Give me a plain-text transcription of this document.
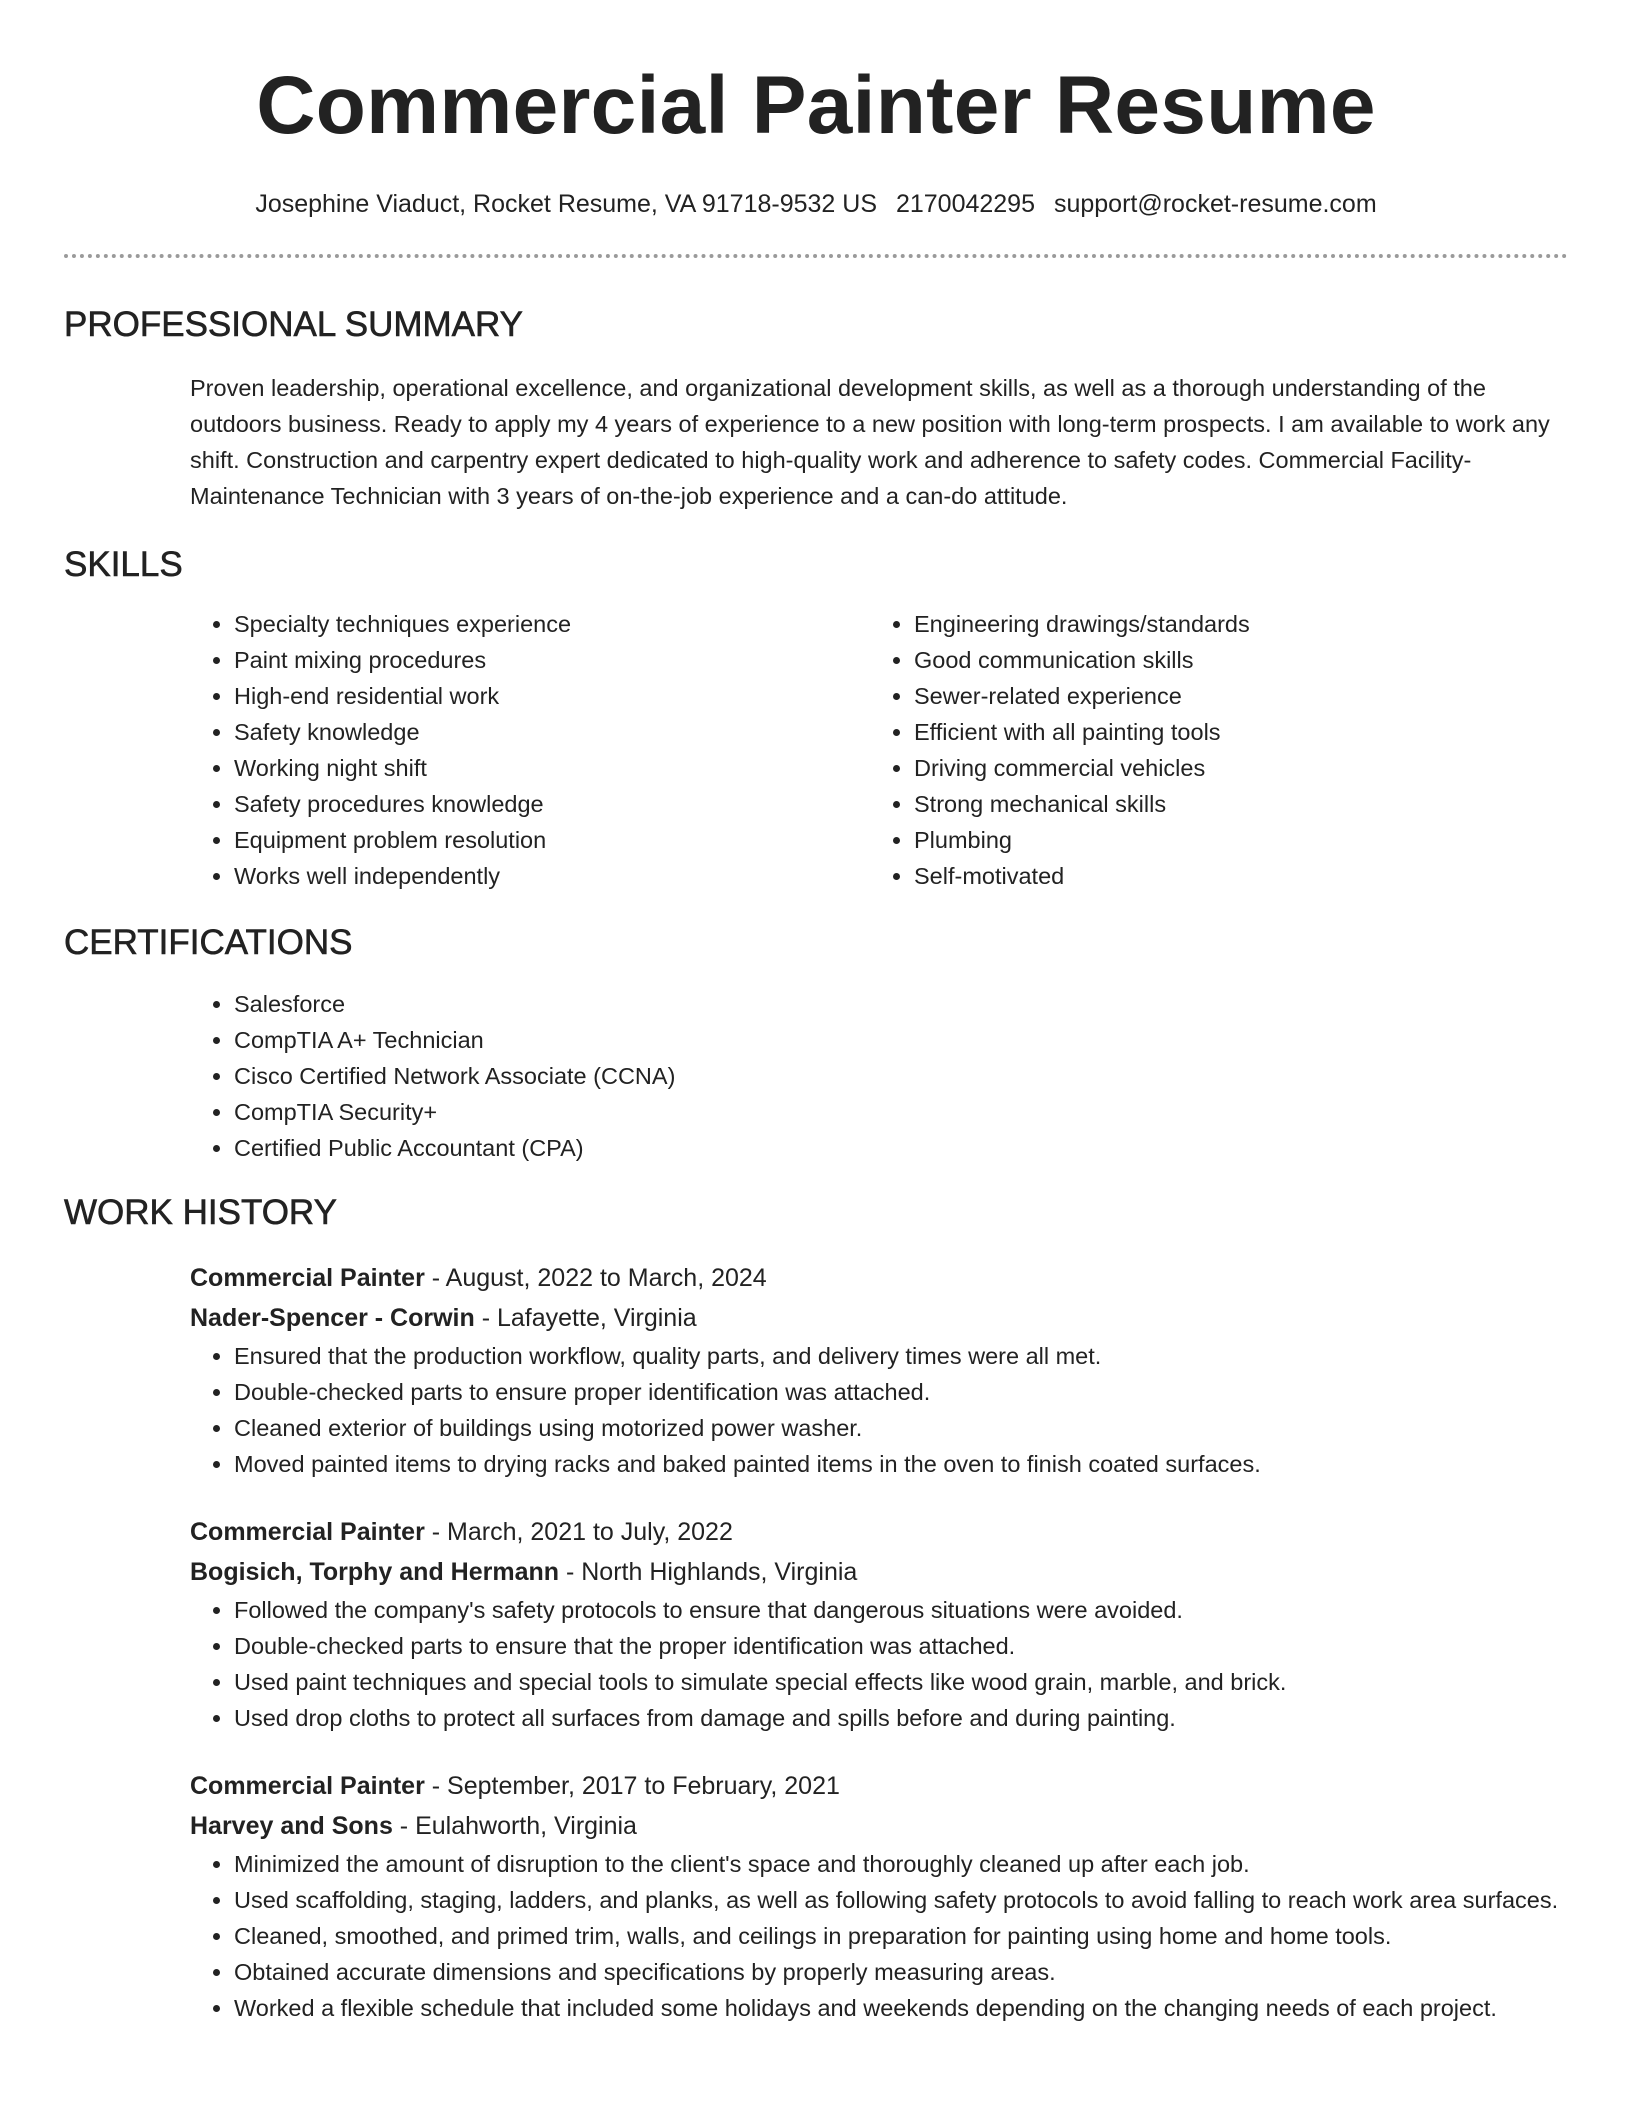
Commercial Painter Resume
Josephine Viaduct, Rocket Resume, VA 91718-9532 US 2170042295 support@rocket-resume.com
PROFESSIONAL SUMMARY

Proven leadership, operational excellence, and organizational development skills, as well as a thorough understanding of the outdoors business. Ready to apply my 4 years of experience to a new position with long-term prospects. I am available to work any shift. Construction and carpentry expert dedicated to high-quality work and adherence to safety codes. Commercial Facility-Maintenance Technician with 3 years of on-the-job experience and a can-do attitude.

SKILLS
• Specialty techniques experience
• Paint mixing procedures
• High-end residential work
• Safety knowledge
• Working night shift
• Safety procedures knowledge
• Equipment problem resolution
• Works well independently
• Engineering drawings/standards
• Good communication skills
• Sewer-related experience
• Efficient with all painting tools
• Driving commercial vehicles
• Strong mechanical skills
• Plumbing
• Self-motivated
CERTIFICATIONS
• Salesforce
• CompTIA A+ Technician
• Cisco Certified Network Associate (CCNA)
• CompTIA Security+
• Certified Public Accountant (CPA)
WORK HISTORY
Commercial Painter - August, 2022 to March, 2024
Nader-Spencer - Corwin - Lafayette, Virginia
• Ensured that the production workflow, quality parts, and delivery times were all met.
• Double-checked parts to ensure proper identification was attached.
• Cleaned exterior of buildings using motorized power washer.
• Moved painted items to drying racks and baked painted items in the oven to finish coated surfaces.
Commercial Painter - March, 2021 to July, 2022
Bogisich, Torphy and Hermann - North Highlands, Virginia
• Followed the company's safety protocols to ensure that dangerous situations were avoided.
• Double-checked parts to ensure that the proper identification was attached.
• Used paint techniques and special tools to simulate special effects like wood grain, marble, and brick.
• Used drop cloths to protect all surfaces from damage and spills before and during painting.
Commercial Painter - September, 2017 to February, 2021
Harvey and Sons - Eulahworth, Virginia
• Minimized the amount of disruption to the client's space and thoroughly cleaned up after each job.
• Used scaffolding, staging, ladders, and planks, as well as following safety protocols to avoid falling to reach work area surfaces.
• Cleaned, smoothed, and primed trim, walls, and ceilings in preparation for painting using home and home tools.
• Obtained accurate dimensions and specifications by properly measuring areas.
• Worked a flexible schedule that included some holidays and weekends depending on the changing needs of each project.
